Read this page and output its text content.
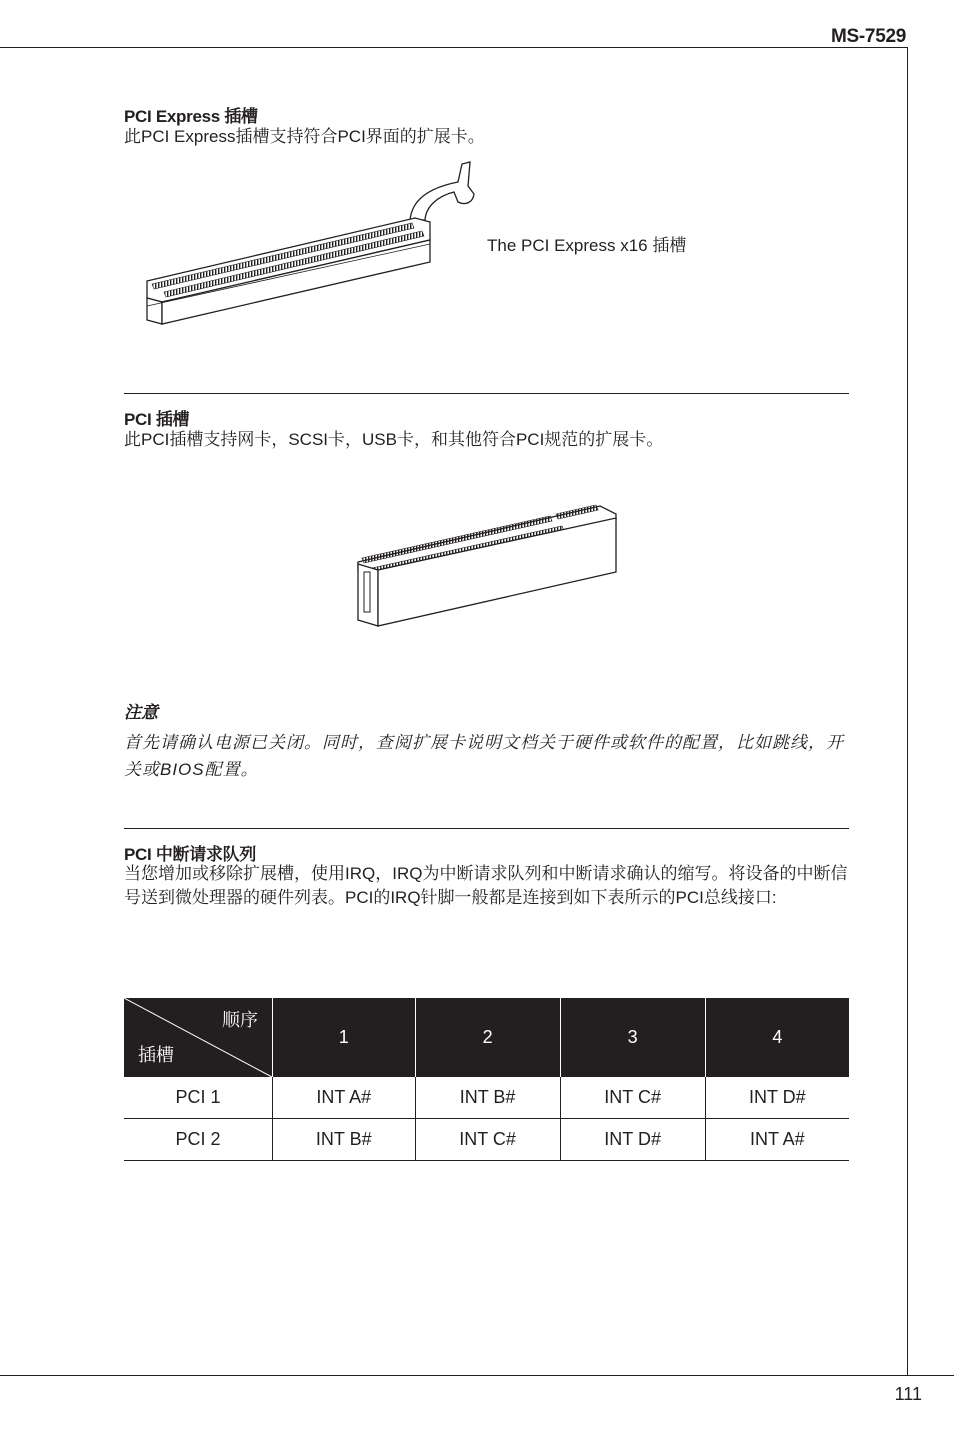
MS-7529
PCI Express 插槽
此PCI Express插槽支持符合PCI界面的扩展卡。
The PCI Express x16 插槽
PCI 插槽
此PCI插槽支持网卡，SCSI卡，USB卡，和其他符合PCI规范的扩展卡。
注意
首先请确认电源已关闭。同时，查阅扩展卡说明文档关于硬件或软件的配置，比如跳线，开关或BIOS配置。
PCI 中断请求队列
当您增加或移除扩展槽，使用IRQ，IRQ为中断请求队列和中断请求确认的缩写。将设备的中断信号送到微处理器的硬件列表。PCI的IRQ针脚一般都是连接到如下表所示的PCI总线接口:
顺序
插槽	1	2	3	4
PCI 1	INT A#	INT B#	INT C#	INT D#
PCI 2	INT B#	INT C#	INT D#	INT A#
111
